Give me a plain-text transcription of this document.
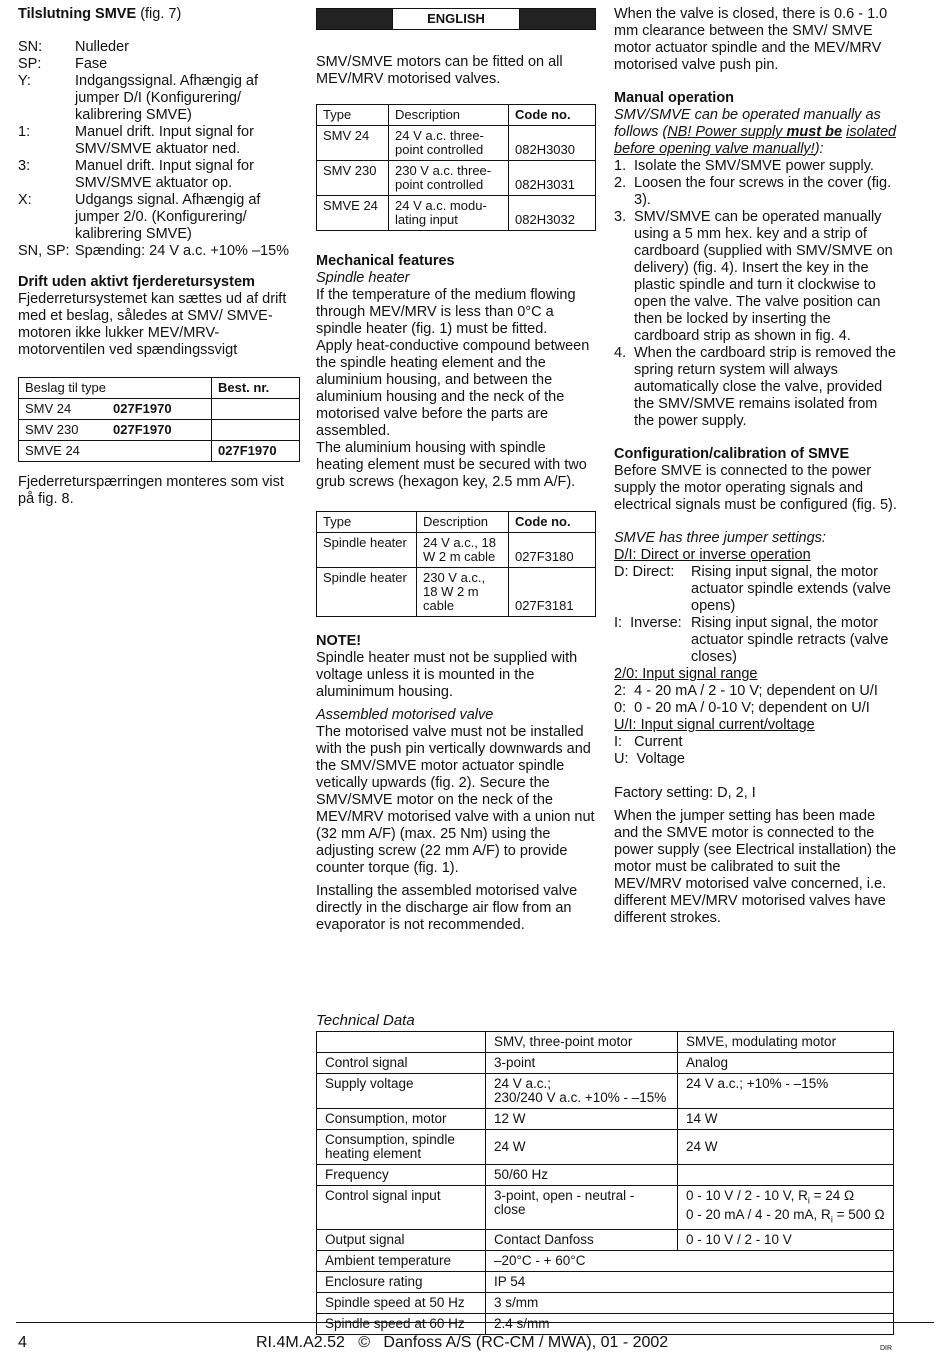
Tilslutning SMVE (fig. 7)

SN:	Nulleder
SP:	Fase
Y:	Indgangssignal. Afhængig af jumper D/I (Konfigurering/ kalibrering SMVE)
1:	Manuel drift. Input signal for SMV/SMVE aktuator ned.
3:	Manuel drift. Input signal for SMV/SMVE aktuator op.
X:	Udgangs signal. Afhængig af jumper 2/0. (Konfigurering/ kalibrering SMVE)
SN, SP: Spænding: 24 V a.c. +10% –15%

Drift uden aktivt fjerderetursystem

Fjederretursystemet kan sættes ud af drift med et beslag, således at SMV/ SMVE-motoren ikke lukker MEV/MRV-motorventilen ved spændingssvigt

Beslag til type		Best. nr.
SMV 24	027F1970	
SMV 230	027F1970	
SMVE 24		027F1970

Fjederreturspærringen monteres som vist på fig. 8.

ENGLISH

SMV/SMVE motors can be fitted on all MEV/MRV motorised valves.

Type	Description	Code no.
SMV 24	24 V a.c. three-point controlled	082H3030
SMV 230	230 V a.c. three-point controlled	082H3031
SMVE 24	24 V a.c. modu-lating input	082H3032

Mechanical features

Spindle heater

If the temperature of the medium flowing through MEV/MRV is less than 0°C a spindle heater (fig. 1) must be fitted.

Apply heat-conductive compound between the spindle heating element and the aluminium housing, and between the aluminium housing and the neck of the motorised valve before the parts are assembled.

The aluminium housing with spindle heating element must be secured with two grub screws (hexagon key, 2.5 mm A/F).

Type	Description	Code no.
Spindle heater	24 V a.c., 18 W 2 m cable	027F3180
Spindle heater	230 V a.c., 18 W 2 m cable	027F3181

NOTE!

Spindle heater must not be supplied with voltage unless it is mounted in the aluminimum housing.

Assembled motorised valve

The motorised valve must not be installed with the push pin vertically downwards and the SMV/SMVE motor actuator spindle vetically upwards (fig. 2). Secure the SMV/SMVE motor on the neck of the MEV/MRV motorised valve with a union nut (32 mm A/F) (max. 25 Nm) using the adjusting screw (22 mm A/F) to provide counter torque (fig. 1).

Installing the assembled motorised valve directly in the discharge air flow from an evaporator is not recommended.

When the valve is closed, there is 0.6 - 1.0 mm clearance between the SMV/ SMVE motor actuator spindle and the MEV/MRV motorised valve push pin.

Manual operation

SMV/SMVE can be operated manually as follows (NB! Power supply must be isolated before opening valve manually!):

1. Isolate the SMV/SMVE power supply.
2. Loosen the four screws in the cover (fig. 3).
3. SMV/SMVE can be operated manually using a 5 mm hex. key and a strip of cardboard (supplied with SMV/SMVE on delivery) (fig. 4). Insert the key in the plastic spindle and turn it clockwise to open the valve. The valve position can then be locked by inserting the cardboard strip as shown in fig. 4.
4. When the cardboard strip is removed the spring return system will always automatically close the valve, provided the SMV/SMVE remains isolated from the power supply.

Configuration/calibration of SMVE

Before SMVE is connected to the power supply the motor operating signals and electrical signals must be configured (fig. 5).

SMVE has three jumper settings:

D/I: Direct or inverse operation

D: Direct:	Rising input signal, the motor actuator spindle extends (valve opens)
I:  Inverse: Rising input signal, the motor actuator spindle retracts (valve closes)

2/0: Input signal range

2:  4 - 20 mA / 2 - 10 V; dependent on U/I

0:  0 - 20 mA / 0-10 V; dependent on U/I

U/I: Input signal current/voltage

I:   Current

U:  Voltage

Factory setting: D, 2, I

When the jumper setting has been made and the SMVE motor is connected to the power supply (see Electrical installation) the motor must be calibrated to suit the MEV/MRV motorised valve concerned, i.e. different MEV/MRV motorised valves have different strokes.

Technical Data

	SMV, three-point motor	SMVE, modulating motor
Control signal	3-point	Analog
Supply voltage	24 V a.c.;
230/240 V a.c. +10% - –15%	24 V a.c.; +10% - –15%
Consumption, motor	12 W	14 W
Consumption, spindle heating element	24 W	24 W
Frequency	50/60 Hz	
Control signal input	3-point, open - neutral - close	0 - 10 V / 2 - 10 V, $R_i = 24$ Ω
0 - 20 mA / 4 - 20 mA, $R_i = 500$ Ω

Output signal	Contact Danfoss	0 - 10 V / 2 - 10 V
Ambient temperature	–20°C - + 60°C	
Enclosure rating	IP 54	
Spindle speed at 50 Hz	3 s/mm	
Spindle speed at 60 Hz	2.4 s/mm	
4	RI.4M.A2.52   ©   Danfoss A/S (RC-CM / MWA), 01 - 2002	DIR
